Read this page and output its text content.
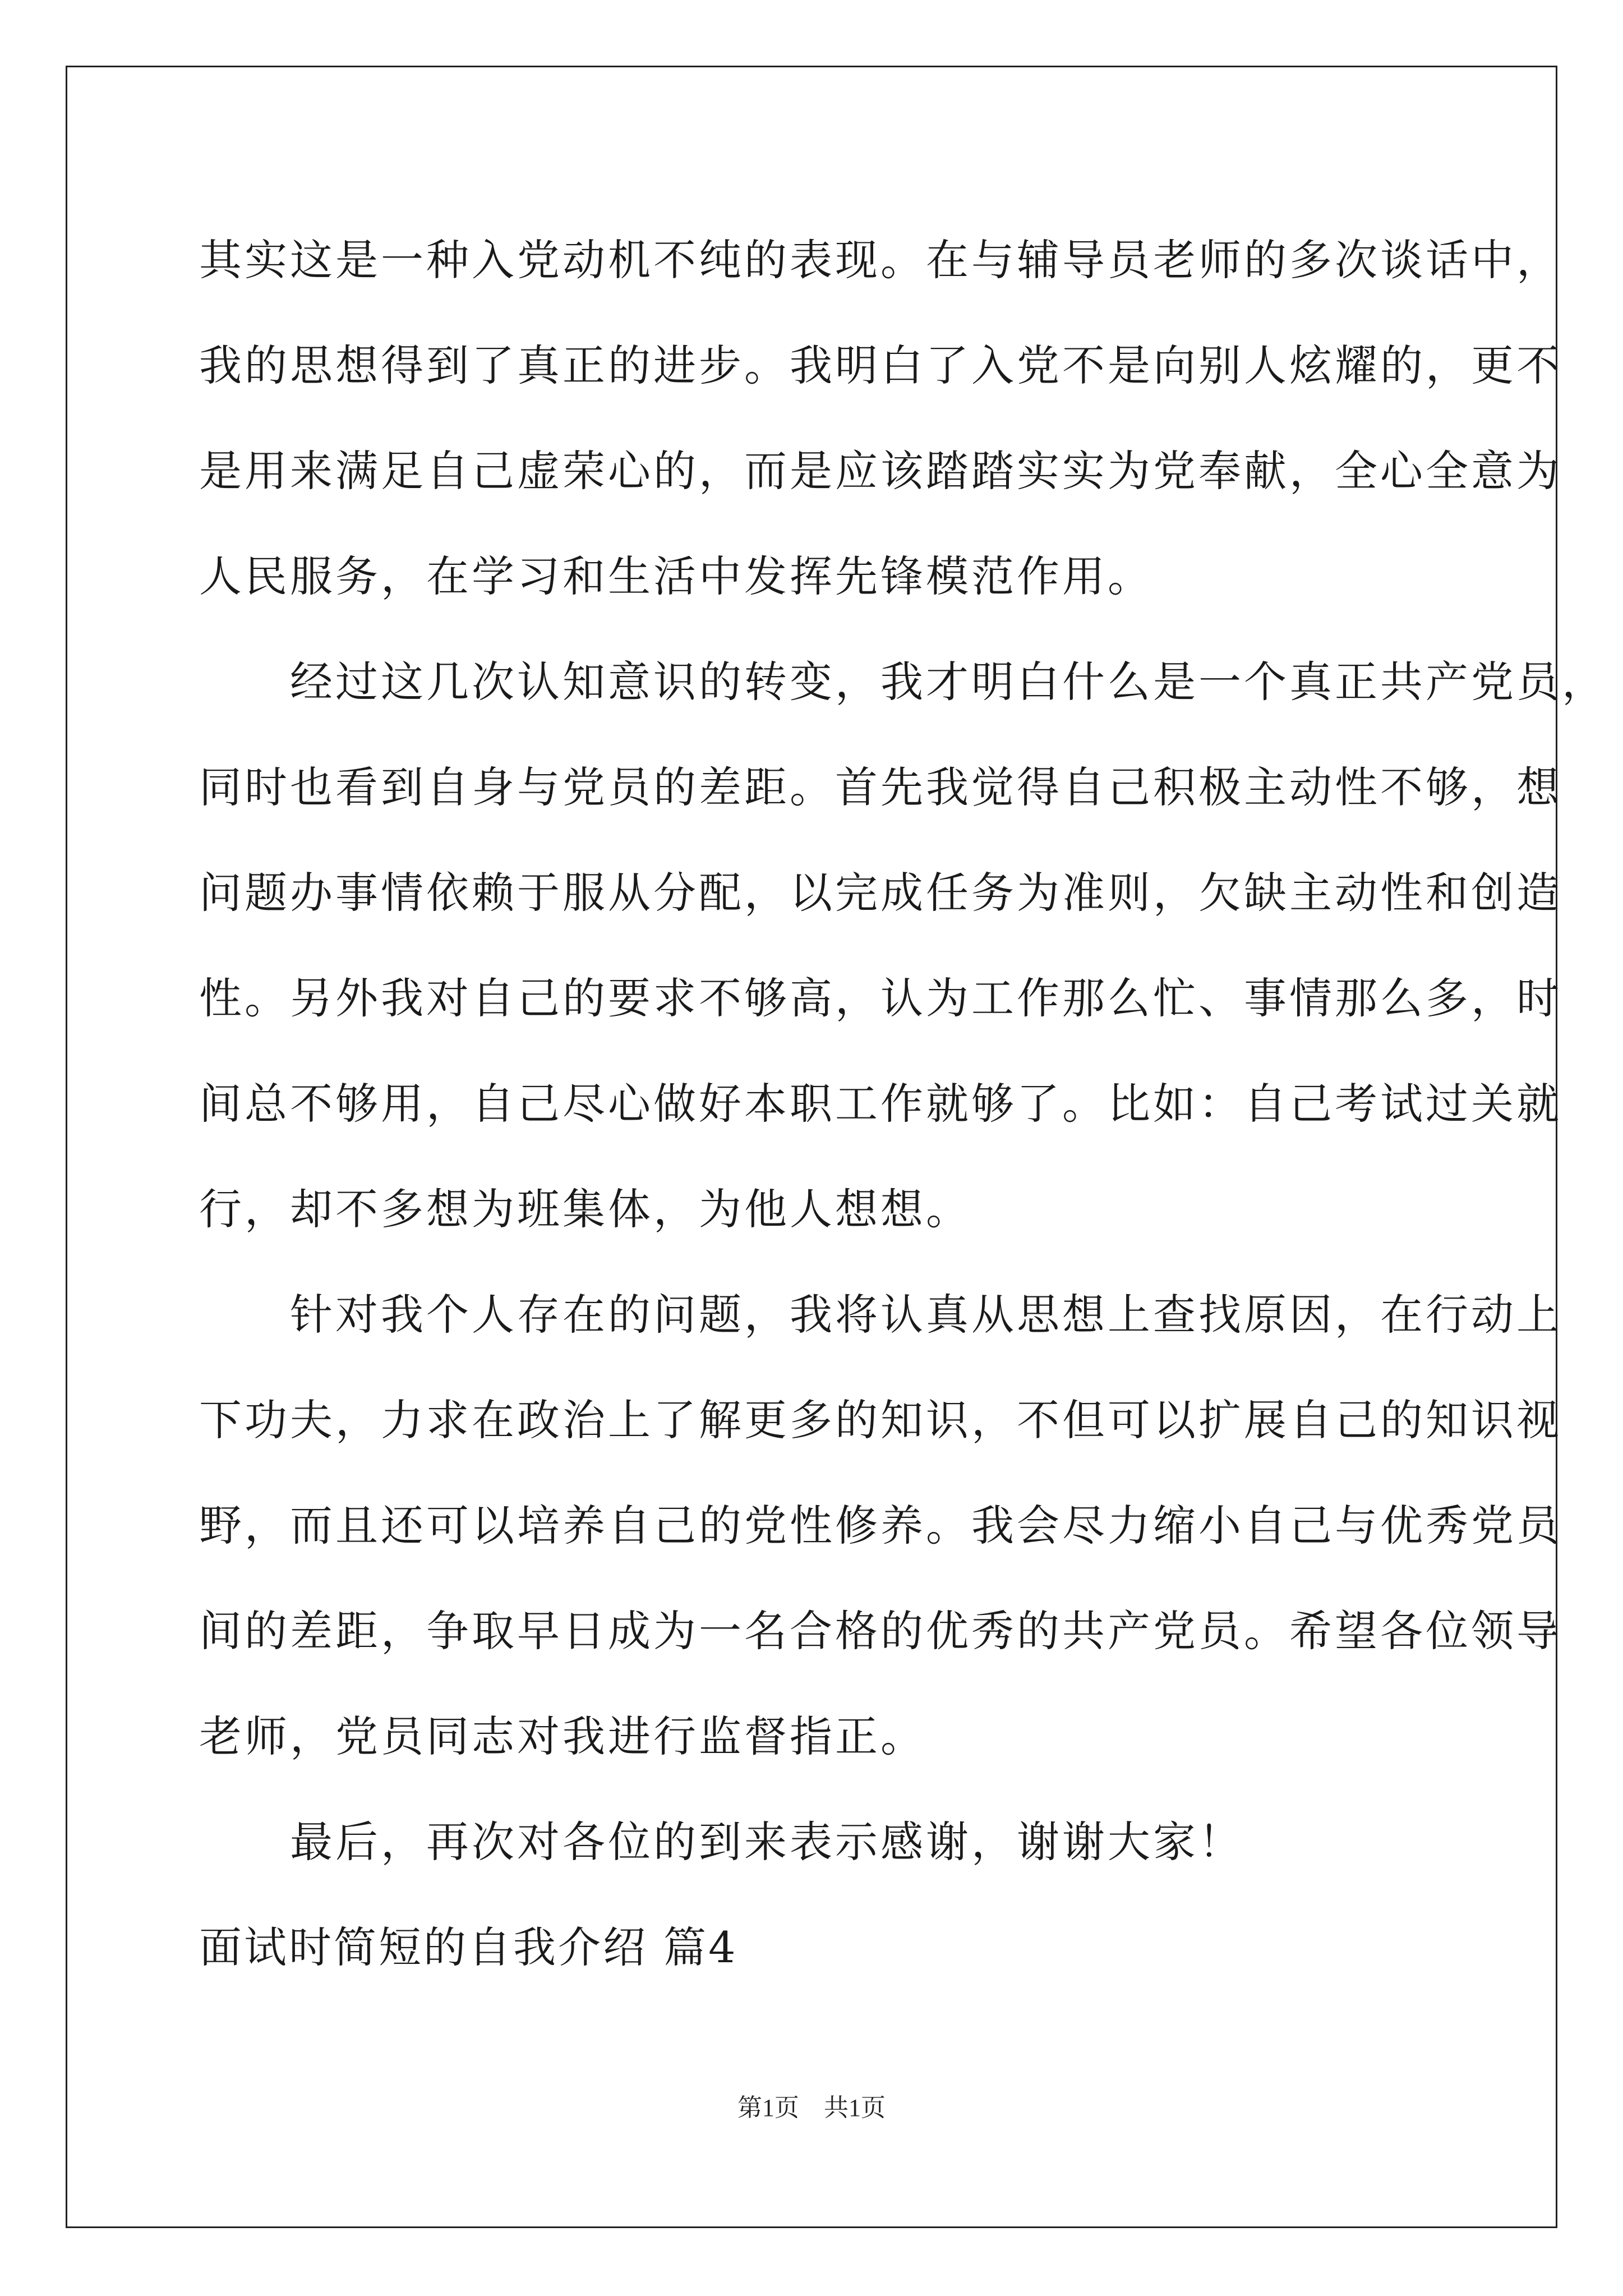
其实这是一种入党动机不纯的表现。在与辅导员老师的多次谈话中，
我的思想得到了真正的进步。我明白了入党不是向别人炫耀的，更不
是用来满足自己虚荣心的，而是应该踏踏实实为党奉献，全心全意为
人民服务，在学习和生活中发挥先锋模范作用。
　　经过这几次认知意识的转变，我才明白什么是一个真正共产党员，
同时也看到自身与党员的差距。首先我觉得自己积极主动性不够，想
问题办事情依赖于服从分配，以完成任务为准则，欠缺主动性和创造
性。另外我对自己的要求不够高，认为工作那么忙、事情那么多，时
间总不够用，自己尽心做好本职工作就够了。比如：自己考试过关就
行，却不多想为班集体，为他人想想。
　　针对我个人存在的问题，我将认真从思想上查找原因，在行动上
下功夫，力求在政治上了解更多的知识，不但可以扩展自己的知识视
野，而且还可以培养自己的党性修养。我会尽力缩小自己与优秀党员
间的差距，争取早日成为一名合格的优秀的共产党员。希望各位领导
老师，党员同志对我进行监督指正。
　　最后，再次对各位的到来表示感谢，谢谢大家！
面试时简短的自我介绍 篇4
第1页　共1页
